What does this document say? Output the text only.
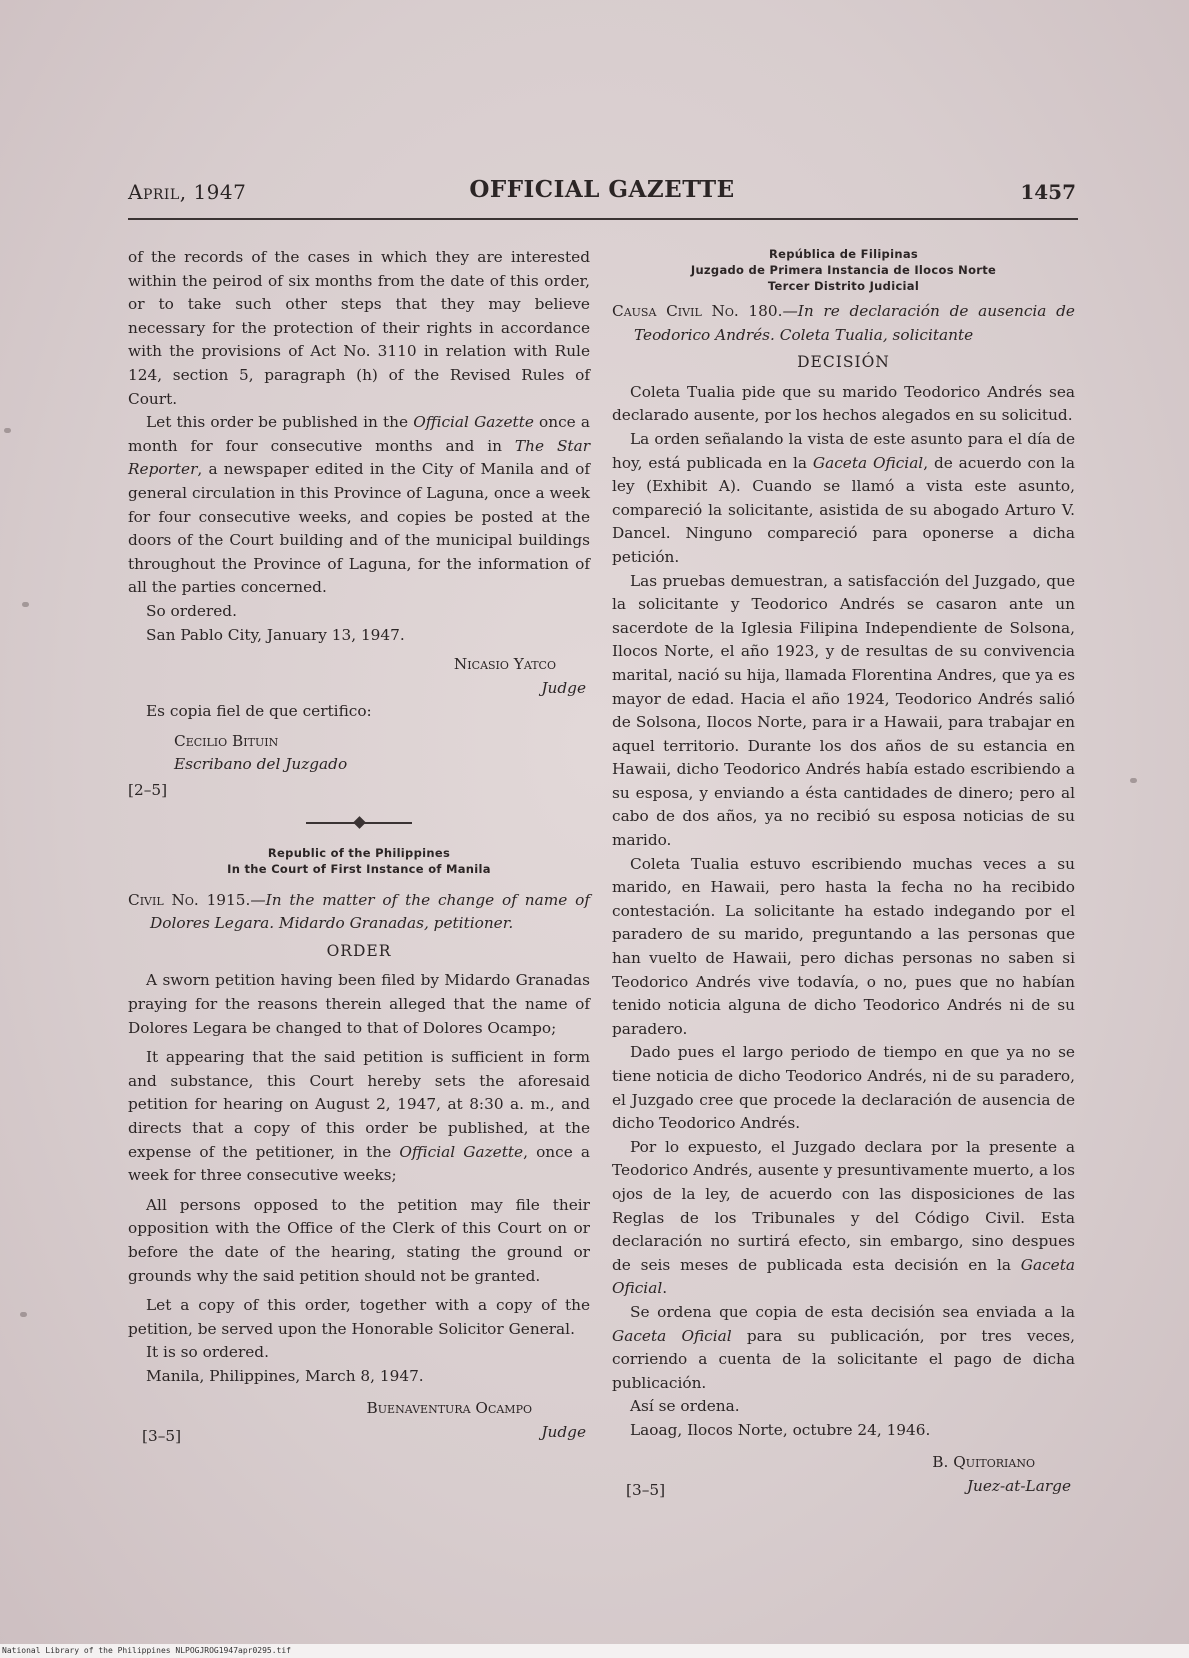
April, 1947	OFFICIAL GAZETTE	1457

of the records of the cases in which they are interested within the peirod of six months from the date of this order, or to take such other steps that they may believe necessary for the protection of their rights in accordance with the provisions of Act No. 3110 in relation with Rule 124, section 5, paragraph (h) of the Revised Rules of Court.

Let this order be published in the Official Gazette once a month for four consecutive months and in The Star Reporter, a newspaper edited in the City of Manila and of general circulation in this Province of Laguna, once a week for four consecutive weeks, and copies be posted at the doors of the Court building and of the municipal buildings throughout the Province of Laguna, for the information of all the parties concerned.

So ordered.

San Pablo City, January 13, 1947.

Nicasio Yatco
Judge

Es copia fiel de que certifico:

Cecilio Bituin
Escribano del Juzgado
[2–5]
Republic of the Philippines
In the Court of First Instance of Manila
Civil No. 1915.—In the matter of the change of name of Dolores Legara. Midardo Granadas, petitioner.
ORDER

A sworn petition having been filed by Midardo Granadas praying for the reasons therein alleged that the name of Dolores Legara be changed to that of Dolores Ocampo;

It appearing that the said petition is sufficient in form and substance, this Court hereby sets the aforesaid petition for hearing on August 2, 1947, at 8:30 a. m., and directs that a copy of this order be published, at the expense of the petitioner, in the Official Gazette, once a week for three consecutive weeks;

All persons opposed to the petition may file their opposition with the Office of the Clerk of this Court on or before the date of the hearing, stating the ground or grounds why the said petition should not be granted.

Let a copy of this order, together with a copy of the petition, be served upon the Honorable Solicitor General.

It is so ordered.

Manila, Philippines, March 8, 1947.

[3–5]
Buenaventura Ocampo
Judge
República de Filipinas
Juzgado de Primera Instancia de Ilocos Norte
Tercer Distrito Judicial
Causa Civil No. 180.—In re declaración de ausencia de Teodorico Andrés. Coleta Tualia, solicitante
DECISIÓN

Coleta Tualia pide que su marido Teodorico Andrés sea declarado ausente, por los hechos alegados en su solicitud.

La orden señalando la vista de este asunto para el día de hoy, está publicada en la Gaceta Oficial, de acuerdo con la ley (Exhibit A). Cuando se llamó a vista este asunto, compareció la solicitante, asistida de su abogado Arturo V. Dancel. Ninguno compareció para oponerse a dicha petición.

Las pruebas demuestran, a satisfacción del Juzgado, que la solicitante y Teodorico Andrés se casaron ante un sacerdote de la Iglesia Filipina Independiente de Solsona, Ilocos Norte, el año 1923, y de resultas de su convivencia marital, nació su hija, llamada Florentina Andres, que ya es mayor de edad. Hacia el año 1924, Teodorico Andrés salió de Solsona, Ilocos Norte, para ir a Hawaii, para trabajar en aquel territorio. Durante los dos años de su estancia en Hawaii, dicho Teodorico Andrés había estado escribiendo a su esposa, y enviando a ésta cantidades de dinero; pero al cabo de dos años, ya no recibió su esposa noticias de su marido.

Coleta Tualia estuvo escribiendo muchas veces a su marido, en Hawaii, pero hasta la fecha no ha recibido contestación. La solicitante ha estado indegando por el paradero de su marido, preguntando a las personas que han vuelto de Hawaii, pero dichas personas no saben si Teodorico Andrés vive todavía, o no, pues que no habían tenido noticia alguna de dicho Teodorico Andrés ni de su paradero.

Dado pues el largo periodo de tiempo en que ya no se tiene noticia de dicho Teodorico Andrés, ni de su paradero, el Juzgado cree que procede la declaración de ausencia de dicho Teodorico Andrés.

Por lo expuesto, el Juzgado declara por la presente a Teodorico Andrés, ausente y presuntivamente muerto, a los ojos de la ley, de acuerdo con las disposiciones de las Reglas de los Tribunales y del Código Civil. Esta declaración no surtirá efecto, sin embargo, sino despues de seis meses de publicada esta decisión en la Gaceta Oficial.

Se ordena que copia de esta decisión sea enviada a la Gaceta Oficial para su publicación, por tres veces, corriendo a cuenta de la solicitante el pago de dicha publicación.

Así se ordena.

Laoag, Ilocos Norte, octubre 24, 1946.

[3–5]
B. Quitoriano
Juez-at-Large
National Library of the Philippines NLPOGJROG1947apr0295.tif
